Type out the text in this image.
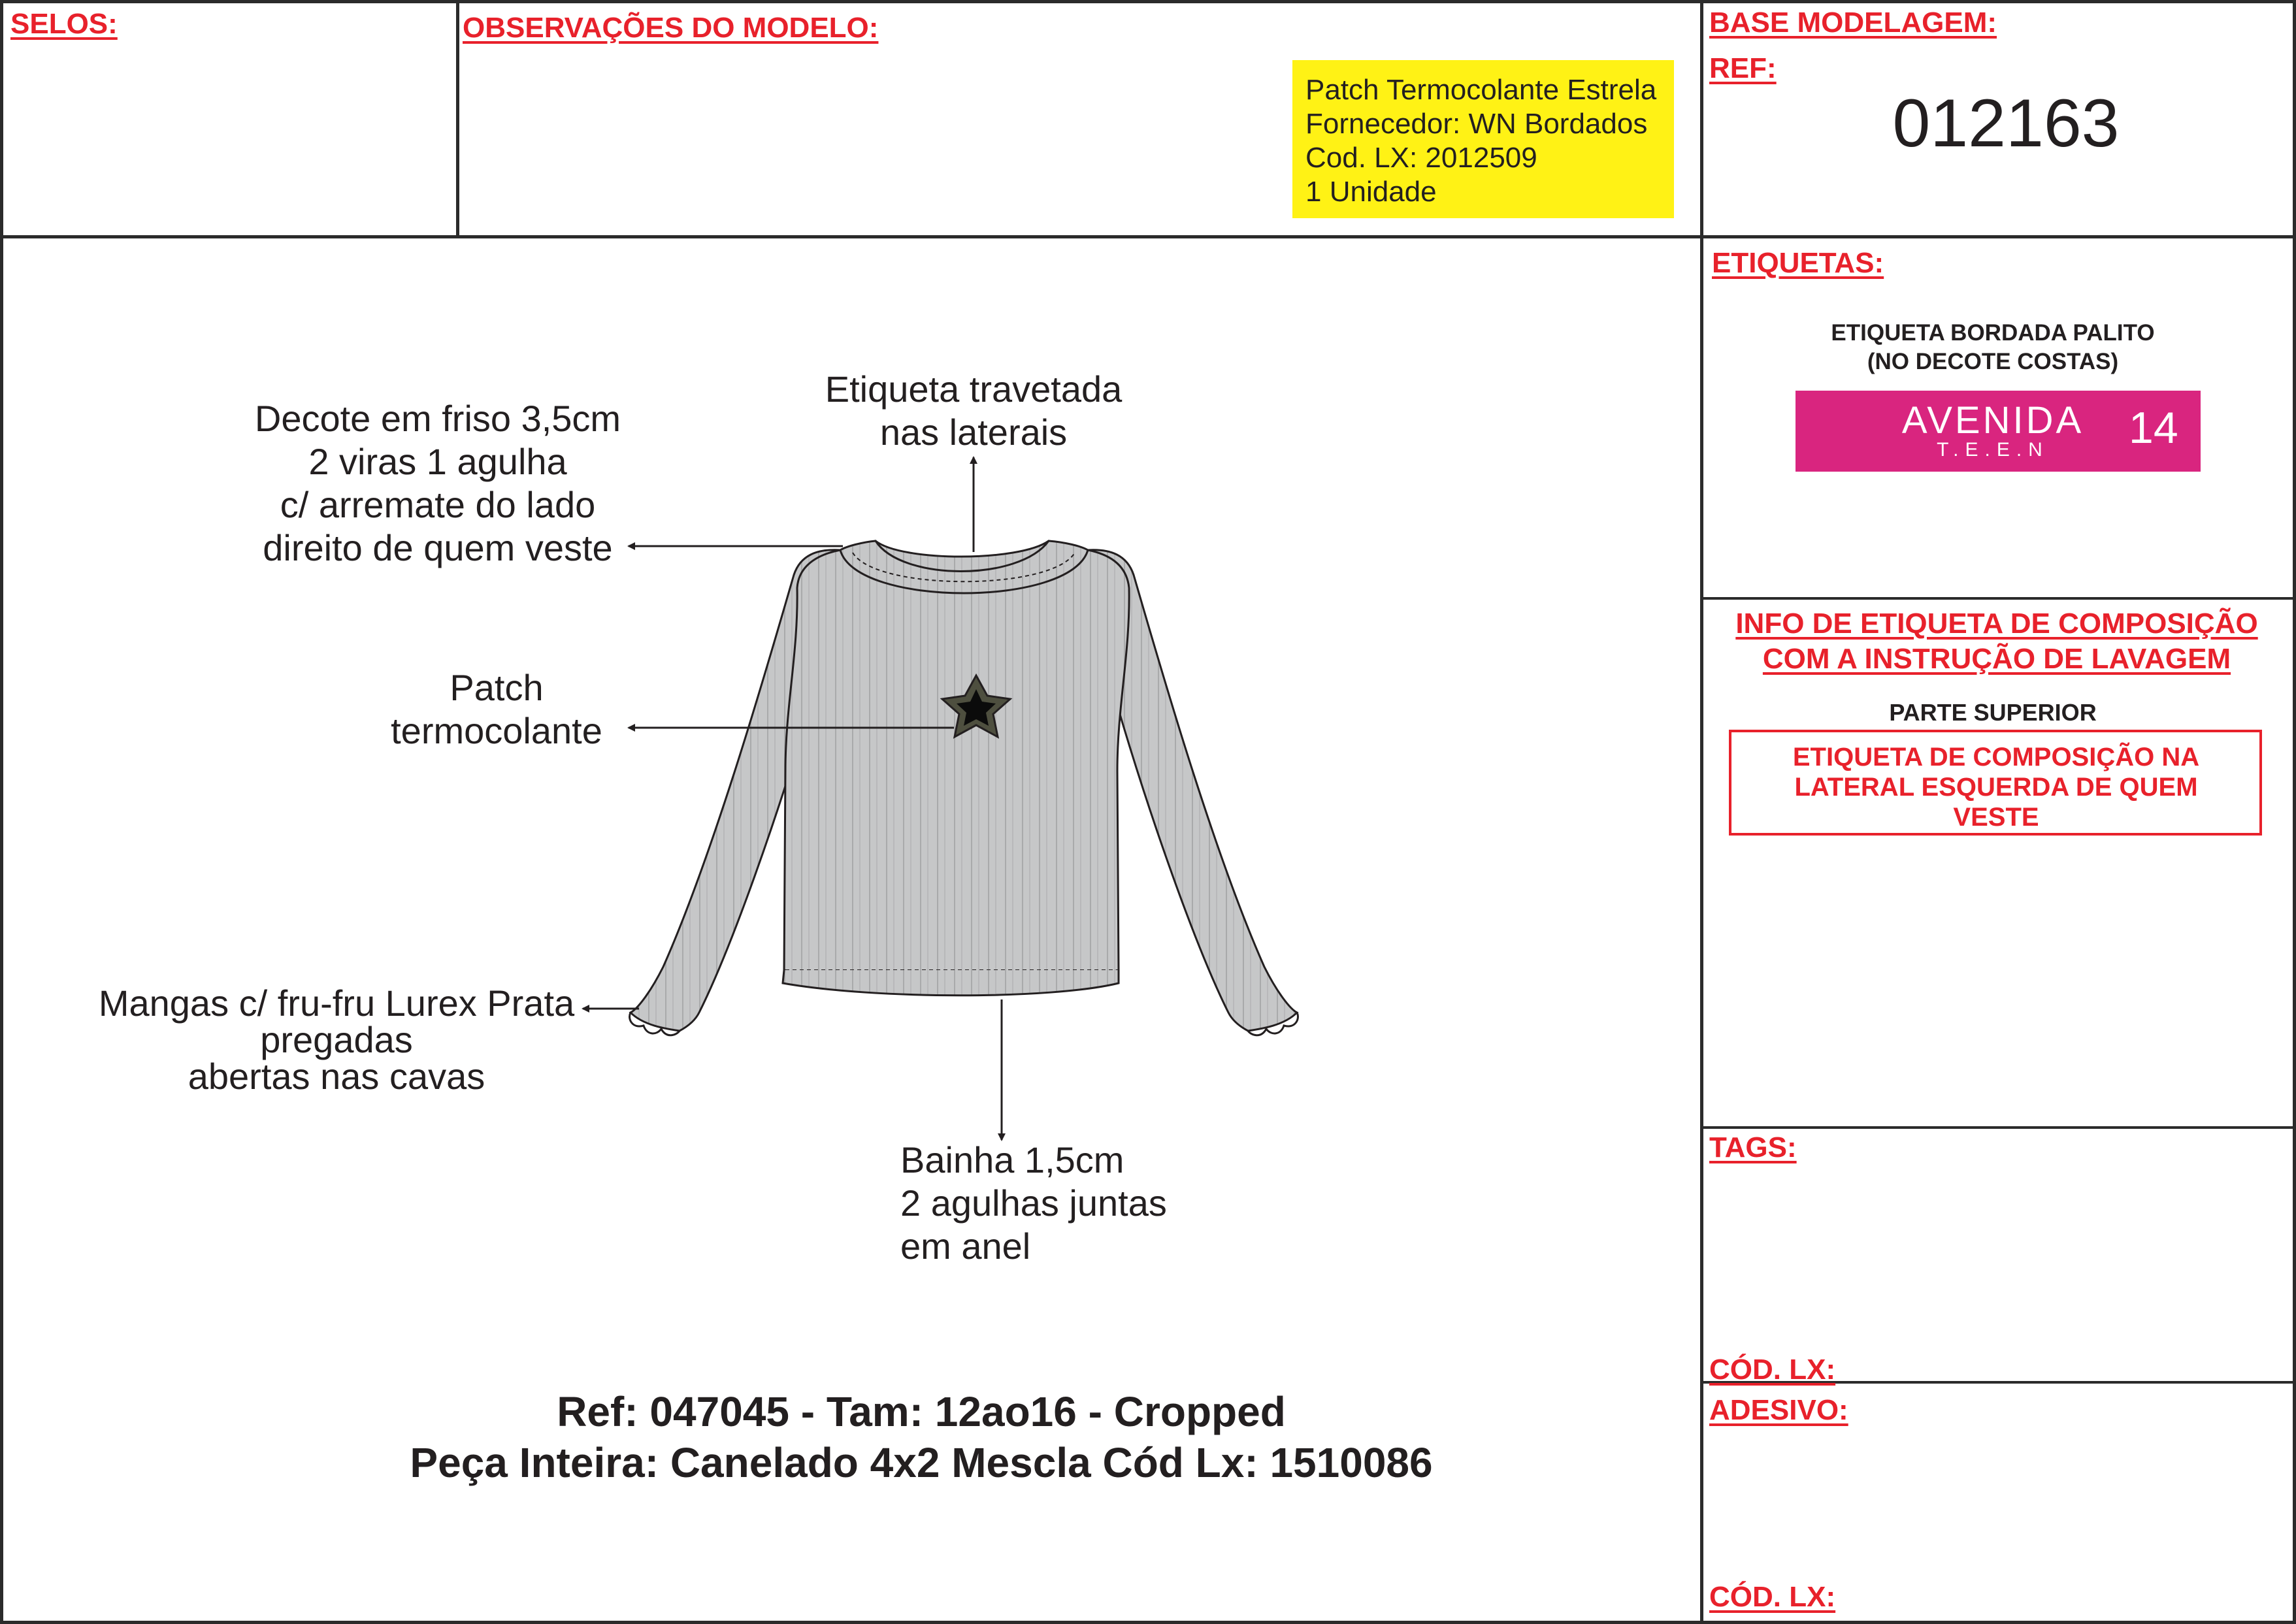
SELOS:	OBSERVAÇÕES DO MODELO:	BASE MODELAGEM:
REF:
012163
Patch Termocolante Estrela
Fornecedor: WN Bordados
Cod. LX: 2012509
1 Unidade
Decote em friso 3,5cm
2 viras 1 agulha
c/ arremate do lado
direito de quem veste
Etiqueta travetada
nas laterais
Patch
termocolante
Mangas c/ fru-fru Lurex Prata
pregadas
abertas nas cavas
Bainha 1,5cm
2 agulhas juntas
em anel
Ref: 047045 - Tam: 12ao16 - Cropped
Peça Inteira: Canelado 4x2 Mescla Cód Lx: 1510086
ETIQUETAS:
ETIQUETA BORDADA PALITO
(NO DECOTE COSTAS)
AVENIDA
T.E.E.N	14
INFO DE ETIQUETA DE COMPOSIÇÃO
COM A INSTRUÇÃO DE LAVAGEM
PARTE SUPERIOR
ETIQUETA DE COMPOSIÇÃO NA
LATERAL ESQUERDA DE QUEM
VESTE
TAGS:
CÓD. LX:
ADESIVO:
CÓD. LX:
